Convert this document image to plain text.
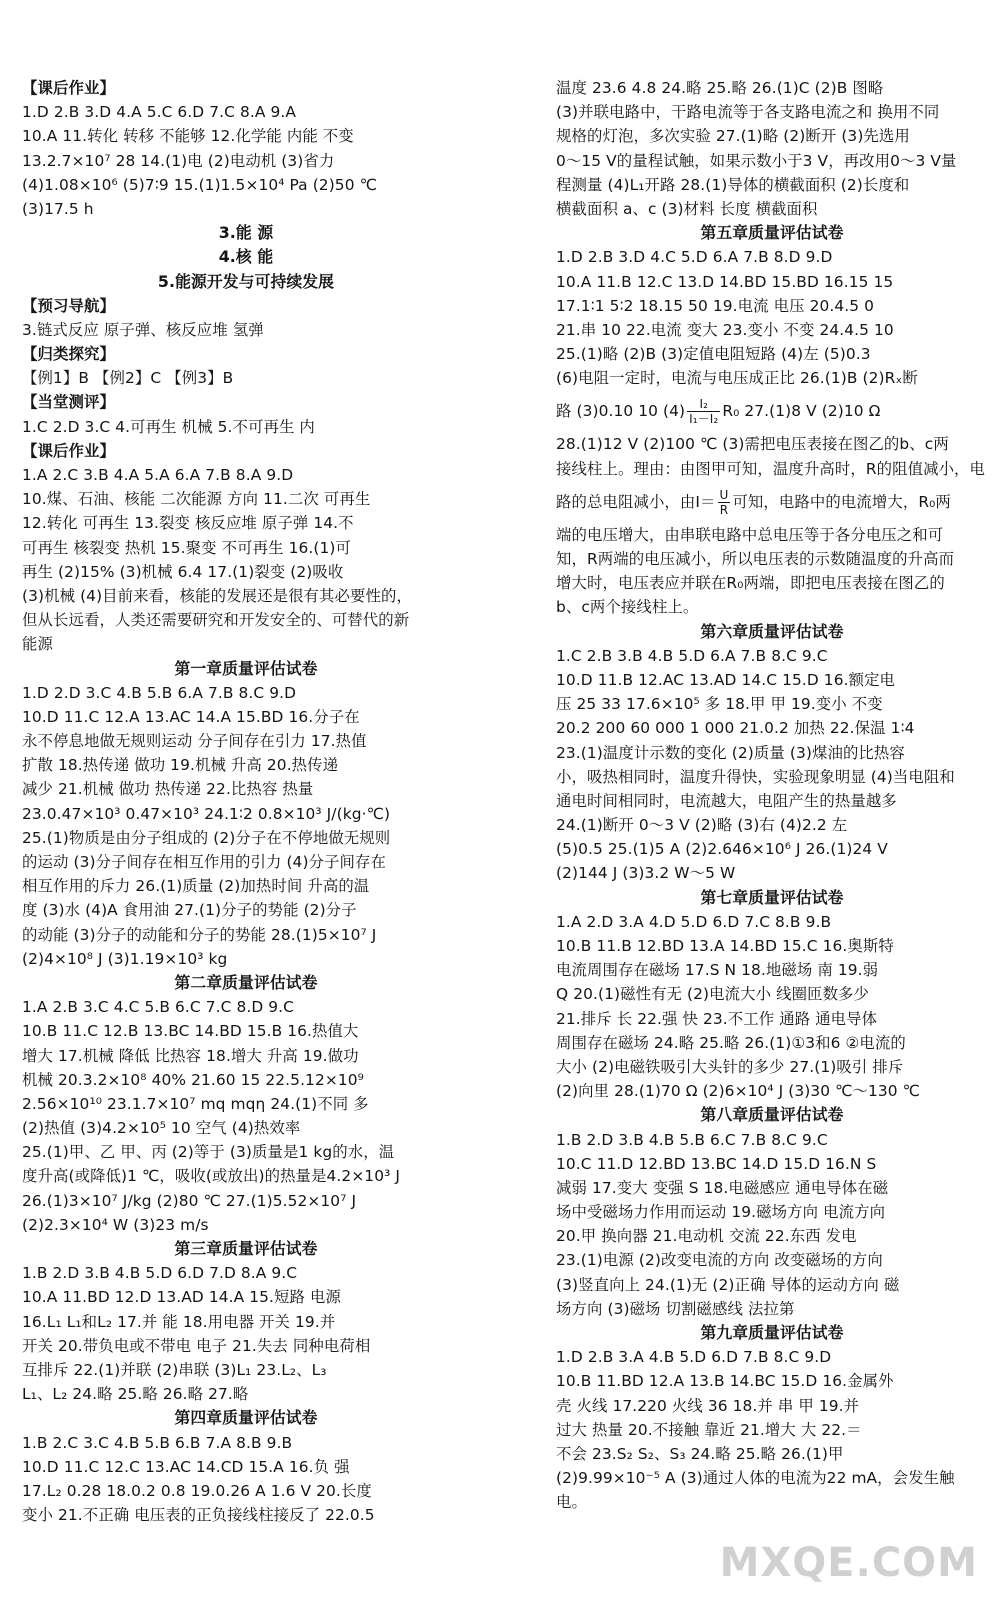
【课后作业】
1.D 2.B 3.D 4.A 5.C 6.D 7.C 8.A 9.A
10.A 11.转化 转移 不能够 12.化学能 内能 不变
13.2.7×10⁷ 28 14.(1)电 (2)电动机 (3)省力
(4)1.08×10⁶ (5)7∶9 15.(1)1.5×10⁴ Pa (2)50 ℃
(3)17.5 h
3.能 源
4.核 能
5.能源开发与可持续发展
【预习导航】
3.链式反应 原子弹、核反应堆 氢弹
【归类探究】
【例1】B 【例2】C 【例3】B
【当堂测评】
1.C 2.D 3.C 4.可再生 机械 5.不可再生 内
【课后作业】
1.A 2.C 3.B 4.A 5.A 6.A 7.B 8.A 9.D
10.煤、石油、核能 二次能源 方向 11.二次 可再生
12.转化 可再生 13.裂变 核反应堆 原子弹 14.不
可再生 核裂变 热机 15.聚变 不可再生 16.(1)可
再生 (2)15% (3)机械 6.4 17.(1)裂变 (2)吸收
(3)机械 (4)目前来看，核能的发展还是很有其必要性的，
但从长远看，人类还需要研究和开发安全的、可替代的新
能源
第一章质量评估试卷
1.D 2.D 3.C 4.B 5.B 6.A 7.B 8.C 9.D
10.D 11.C 12.A 13.AC 14.A 15.BD 16.分子在
永不停息地做无规则运动 分子间存在引力 17.热值
扩散 18.热传递 做功 19.机械 升高 20.热传递
减少 21.机械 做功 热传递 22.比热容 热量
23.0.47×10³ 0.47×10³ 24.1∶2 0.8×10³ J/(kg·℃)
25.(1)物质是由分子组成的 (2)分子在不停地做无规则
的运动 (3)分子间存在相互作用的引力 (4)分子间存在
相互作用的斥力 26.(1)质量 (2)加热时间 升高的温
度 (3)水 (4)A 食用油 27.(1)分子的势能 (2)分子
的动能 (3)分子的动能和分子的势能 28.(1)5×10⁷ J
(2)4×10⁸ J (3)1.19×10³ kg
第二章质量评估试卷
1.A 2.B 3.C 4.C 5.B 6.C 7.C 8.D 9.C
10.B 11.C 12.B 13.BC 14.BD 15.B 16.热值大
增大 17.机械 降低 比热容 18.增大 升高 19.做功
机械 20.3.2×10⁸ 40% 21.60 15 22.5.12×10⁹
2.56×10¹⁰ 23.1.7×10⁷ mq mqη 24.(1)不同 多
(2)热值 (3)4.2×10⁵ 10 空气 (4)热效率
25.(1)甲、乙 甲、丙 (2)等于 (3)质量是1 kg的水，温
度升高(或降低)1 ℃，吸收(或放出)的热量是4.2×10³ J
26.(1)3×10⁷ J/kg (2)80 ℃ 27.(1)5.52×10⁷ J
(2)2.3×10⁴ W (3)23 m/s
第三章质量评估试卷
1.B 2.D 3.B 4.B 5.D 6.D 7.D 8.A 9.C
10.A 11.BD 12.D 13.AD 14.A 15.短路 电源
16.L₁ L₁和L₂ 17.并 能 18.用电器 开关 19.并
开关 20.带负电或不带电 电子 21.失去 同种电荷相
互排斥 22.(1)并联 (2)串联 (3)L₁ 23.L₂、L₃
L₁、L₂ 24.略 25.略 26.略 27.略
第四章质量评估试卷
1.B 2.C 3.C 4.B 5.B 6.B 7.A 8.B 9.B
10.D 11.C 12.C 13.AC 14.CD 15.A 16.负 强
17.L₂ 0.28 18.0.2 0.8 19.0.26 A 1.6 V 20.长度
变小 21.不正确 电压表的正负接线柱接反了 22.0.5
温度 23.6 4.8 24.略 25.略 26.(1)C (2)B 图略
(3)并联电路中，干路电流等于各支路电流之和 换用不同
规格的灯泡，多次实验 27.(1)略 (2)断开 (3)先选用
0～15 V的量程试触，如果示数小于3 V，再改用0～3 V量
程测量 (4)L₁开路 28.(1)导体的横截面积 (2)长度和
横截面积 a、c (3)材料 长度 横截面积
第五章质量评估试卷
1.D 2.B 3.D 4.C 5.D 6.A 7.B 8.D 9.D
10.A 11.B 12.C 13.D 14.BD 15.BD 16.15 15
17.1∶1 5∶2 18.15 50 19.电流 电压 20.4.5 0
21.串 10 22.电流 变大 23.变小 不变 24.4.5 10
25.(1)略 (2)B (3)定值电阻短路 (4)左 (5)0.3
(6)电阻一定时，电流与电压成正比 26.(1)B (2)Rₓ断
路 (3)0.10 10 $(4) \frac{\text{I₂}}{\text{I₁－I₂}} R_0$ 27.(1)8 V (2)10 Ω
28.(1)12 V (2)100 ℃ (3)需把电压表接在图乙的b、c两
接线柱上。理由：由图甲可知，温度升高时，R的阻值减小，电
路的总电阻减小，由$I= \frac{U}{R}$ 可知，电路中的电流增大，R₀两
端的电压增大，由串联电路中总电压等于各分电压之和可
知，R两端的电压减小，所以电压表的示数随温度的升高而
增大时，电压表应并联在R₀两端，即把电压表接在图乙的
b、c两个接线柱上。
第六章质量评估试卷
1.C 2.B 3.B 4.B 5.D 6.A 7.B 8.C 9.C
10.D 11.B 12.AC 13.AD 14.C 15.D 16.额定电
压 25 33 17.6×10⁵ 多 18.甲 甲 19.变小 不变
20.2 200 60 000 1 000 21.0.2 加热 22.保温 1∶4
23.(1)温度计示数的变化 (2)质量 (3)煤油的比热容
小，吸热相同时，温度升得快，实验现象明显 (4)当电阻和
通电时间相同时，电流越大，电阻产生的热量越多
24.(1)断开 0～3 V (2)略 (3)右 (4)2.2 左
(5)0.5 25.(1)5 A (2)2.646×10⁶ J 26.(1)24 V
(2)144 J (3)3.2 W～5 W
第七章质量评估试卷
1.A 2.D 3.A 4.D 5.D 6.D 7.C 8.B 9.B
10.B 11.B 12.BD 13.A 14.BD 15.C 16.奥斯特
电流周围存在磁场 17.S N 18.地磁场 南 19.弱
Q 20.(1)磁性有无 (2)电流大小 线圈匝数多少
21.排斥 长 22.强 快 23.不工作 通路 通电导体
周围存在磁场 24.略 25.略 26.(1)①3和6 ②电流的
大小 (2)电磁铁吸引大头针的多少 27.(1)吸引 排斥
(2)向里 28.(1)70 Ω (2)6×10⁴ J (3)30 ℃～130 ℃
第八章质量评估试卷
1.B 2.D 3.B 4.B 5.B 6.C 7.B 8.C 9.C
10.C 11.D 12.BD 13.BC 14.D 15.D 16.N S
减弱 17.变大 变强 S 18.电磁感应 通电导体在磁
场中受磁场力作用而运动 19.磁场方向 电流方向
20.甲 换向器 21.电动机 交流 22.东西 发电
23.(1)电源 (2)改变电流的方向 改变磁场的方向
(3)竖直向上 24.(1)无 (2)正确 导体的运动方向 磁
场方向 (3)磁场 切割磁感线 法拉第
第九章质量评估试卷
1.D 2.B 3.A 4.B 5.D 6.D 7.B 8.C 9.D
10.B 11.BD 12.A 13.B 14.BC 15.D 16.金属外
壳 火线 17.220 火线 36 18.并 串 甲 19.并
过大 热量 20.不接触 靠近 21.增大 大 22.＝
不会 23.S₂ S₂、S₃ 24.略 25.略 26.(1)甲
(2)9.99×10⁻⁵ A (3)通过人体的电流为22 mA，会发生触
电。
MXQE.COM
